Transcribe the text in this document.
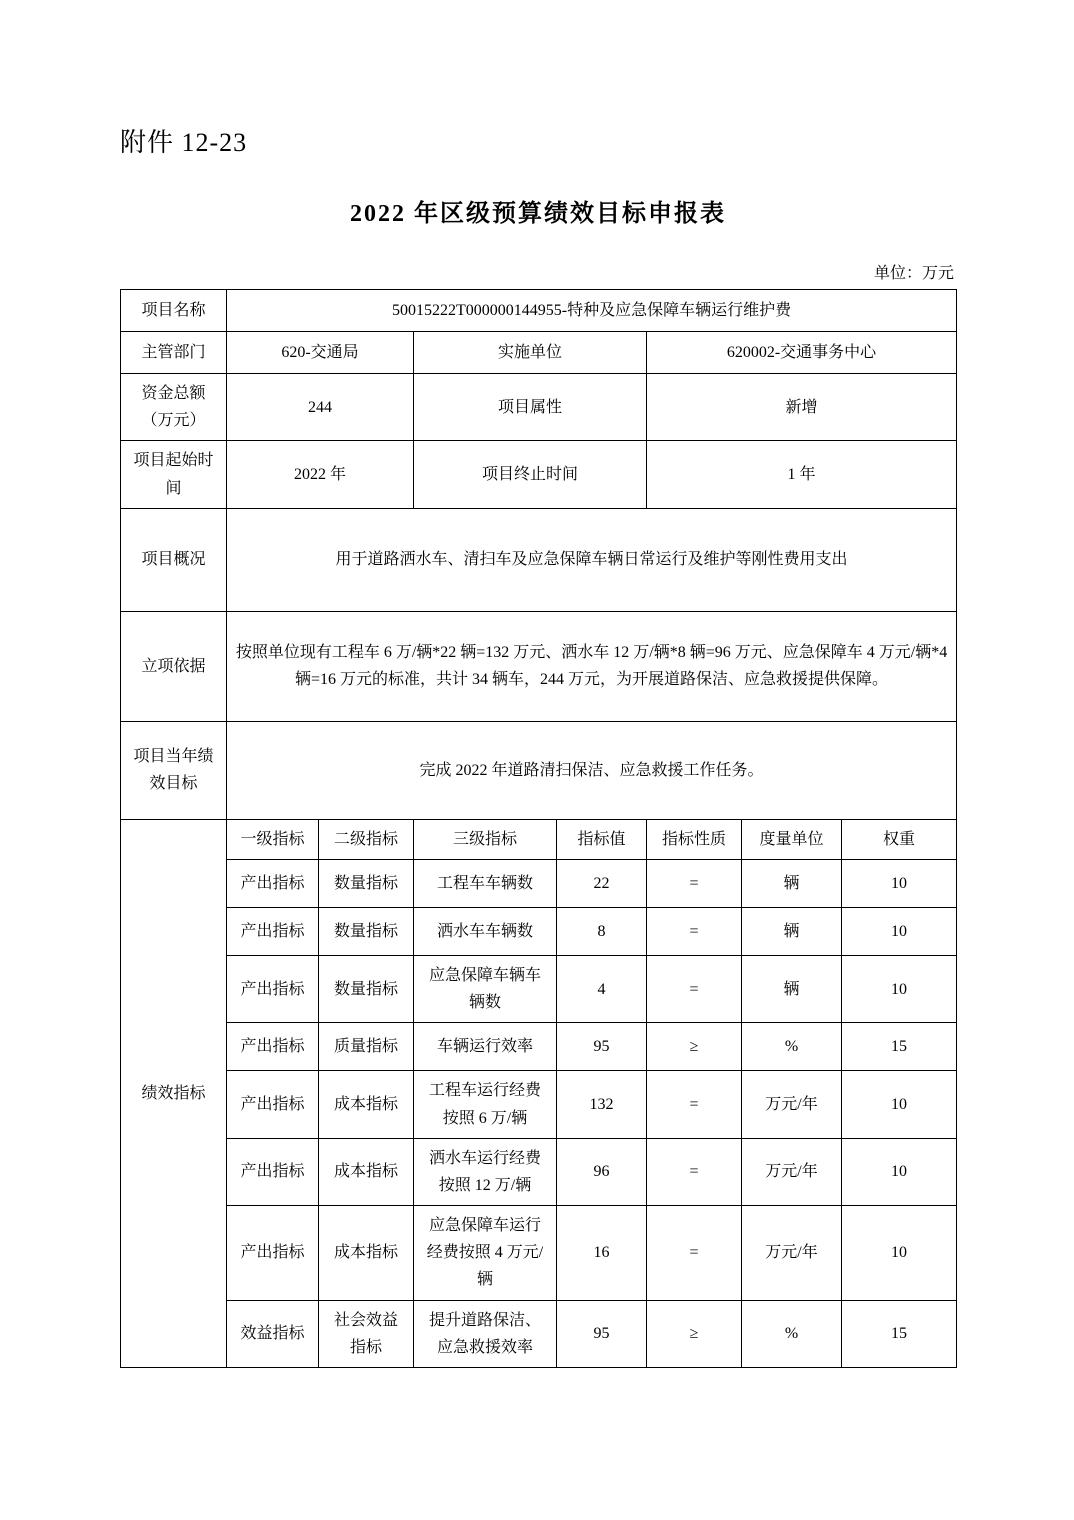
附件 12-23
2022 年区级预算绩效目标申报表
单位：万元
项目名称	50015222T000000144955-特种及应急保障车辆运行维护费						
主管部门	620-交通局		实施单位		620002-交通事务中心		
资金总额（万元）	244		项目属性		新增		
项目起始时间	2022 年		项目终止时间		1 年		
项目概况	用于道路洒水车、清扫车及应急保障车辆日常运行及维护等刚性费用支出						
立项依据	按照单位现有工程车 6 万/辆*22 辆=132 万元、洒水车 12 万/辆*8 辆=96 万元、应急保障车 4 万元/辆*4 辆=16 万元的标准，共计 34 辆车，244 万元，为开展道路保洁、应急救援提供保障。						
项目当年绩效目标	完成 2022 年道路清扫保洁、应急救援工作任务。						
绩效指标	一级指标	二级指标	三级指标	指标值	指标性质	度量单位	权重
	产出指标	数量指标	工程车车辆数	22	=	辆	10
	产出指标	数量指标	洒水车车辆数	8	=	辆	10
	产出指标	数量指标	应急保障车辆车辆数	4	=	辆	10
	产出指标	质量指标	车辆运行效率	95	≥	%	15
	产出指标	成本指标	工程车运行经费按照 6 万/辆	132	=	万元/年	10
	产出指标	成本指标	洒水车运行经费按照 12 万/辆	96	=	万元/年	10
	产出指标	成本指标	应急保障车运行经费按照 4 万元/辆	16	=	万元/年	10
	效益指标	社会效益指标	提升道路保洁、应急救援效率	95	≥	%	15
